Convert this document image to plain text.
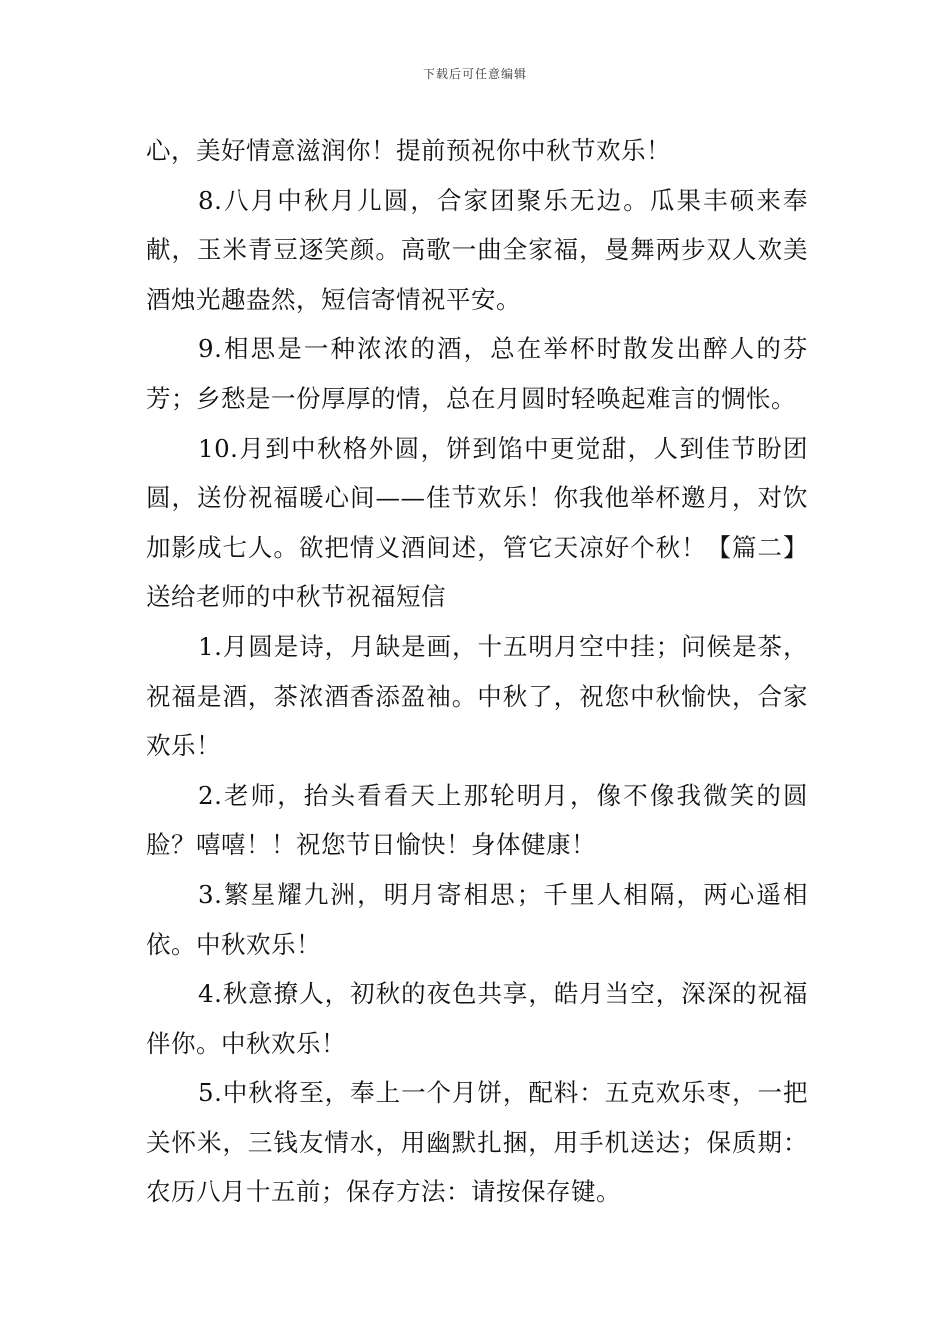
下载后可任意编辑

心，美好情意滋润你！提前预祝你中秋节欢乐！

8.八月中秋月儿圆，合家团聚乐无边。瓜果丰硕来奉献，玉米青豆逐笑颜。高歌一曲全家福，曼舞两步双人欢美酒烛光趣盎然，短信寄情祝平安。

9.相思是一种浓浓的酒，总在举杯时散发出醉人的芬芳；乡愁是一份厚厚的情，总在月圆时轻唤起难言的惆怅。

10.月到中秋格外圆，饼到馅中更觉甜，人到佳节盼团圆，送份祝福暖心间——佳节欢乐！你我他举杯邀月，对饮加影成七人。欲把情义酒间述，管它天凉好个秋！【篇二】送给老师的中秋节祝福短信

1.月圆是诗，月缺是画，十五明月空中挂；问候是茶，祝福是酒，茶浓酒香添盈袖。中秋了，祝您中秋愉快，合家欢乐！

2.老师，抬头看看天上那轮明月，像不像我微笑的圆脸？嘻嘻！！祝您节日愉快！身体健康！

3.繁星耀九洲，明月寄相思；千里人相隔，两心遥相依。中秋欢乐！

4.秋意撩人，初秋的夜色共享，皓月当空，深深的祝福伴你。中秋欢乐！

5.中秋将至，奉上一个月饼，配料：五克欢乐枣，一把关怀米，三钱友情水，用幽默扎捆，用手机送达；保质期：农历八月十五前；保存方法：请按保存键。
